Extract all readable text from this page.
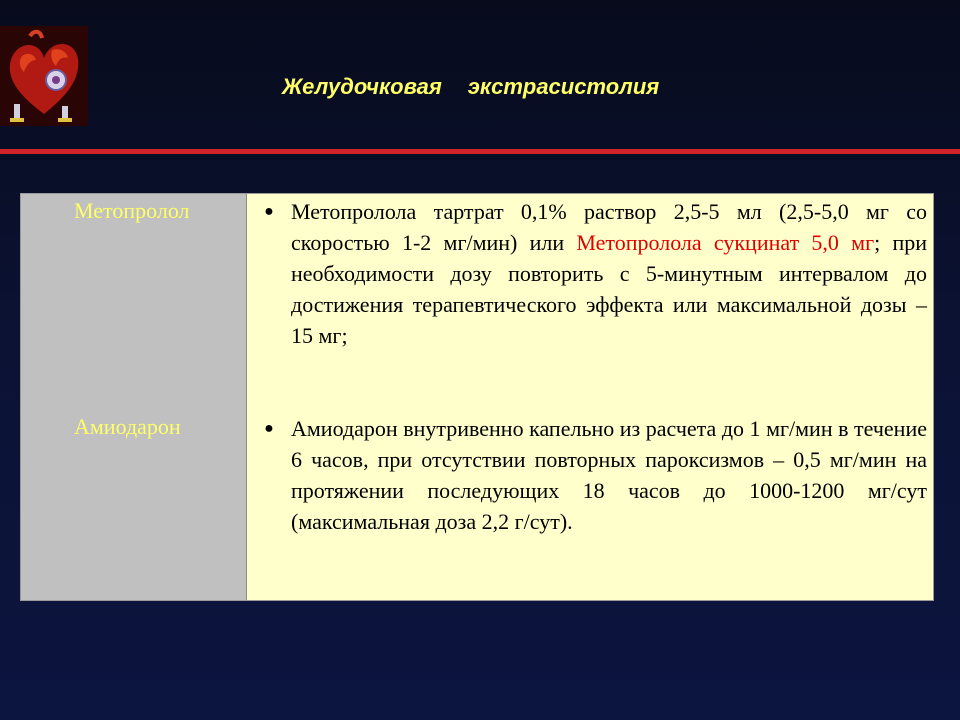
Желудочковая экстрасистолия
Метопролол
Амиодарон
● Метопролола тартрат 0,1% раствор 2,5-5 мл (2,5-5,0 мг со скоростью 1-2 мг/мин) или Метопролола сукцинат 5,0 мг; при необходимости дозу повторить с 5-минутным интервалом до достижения терапевтического эффекта или максимальной дозы – 15 мг;

● Амиодарон внутривенно капельно из расчета до 1 мг/мин в течение 6 часов, при отсутствии повторных пароксизмов – 0,5 мг/мин на протяжении последующих 18 часов до 1000-1200 мг/сут (максимальная доза 2,2 г/сут).
